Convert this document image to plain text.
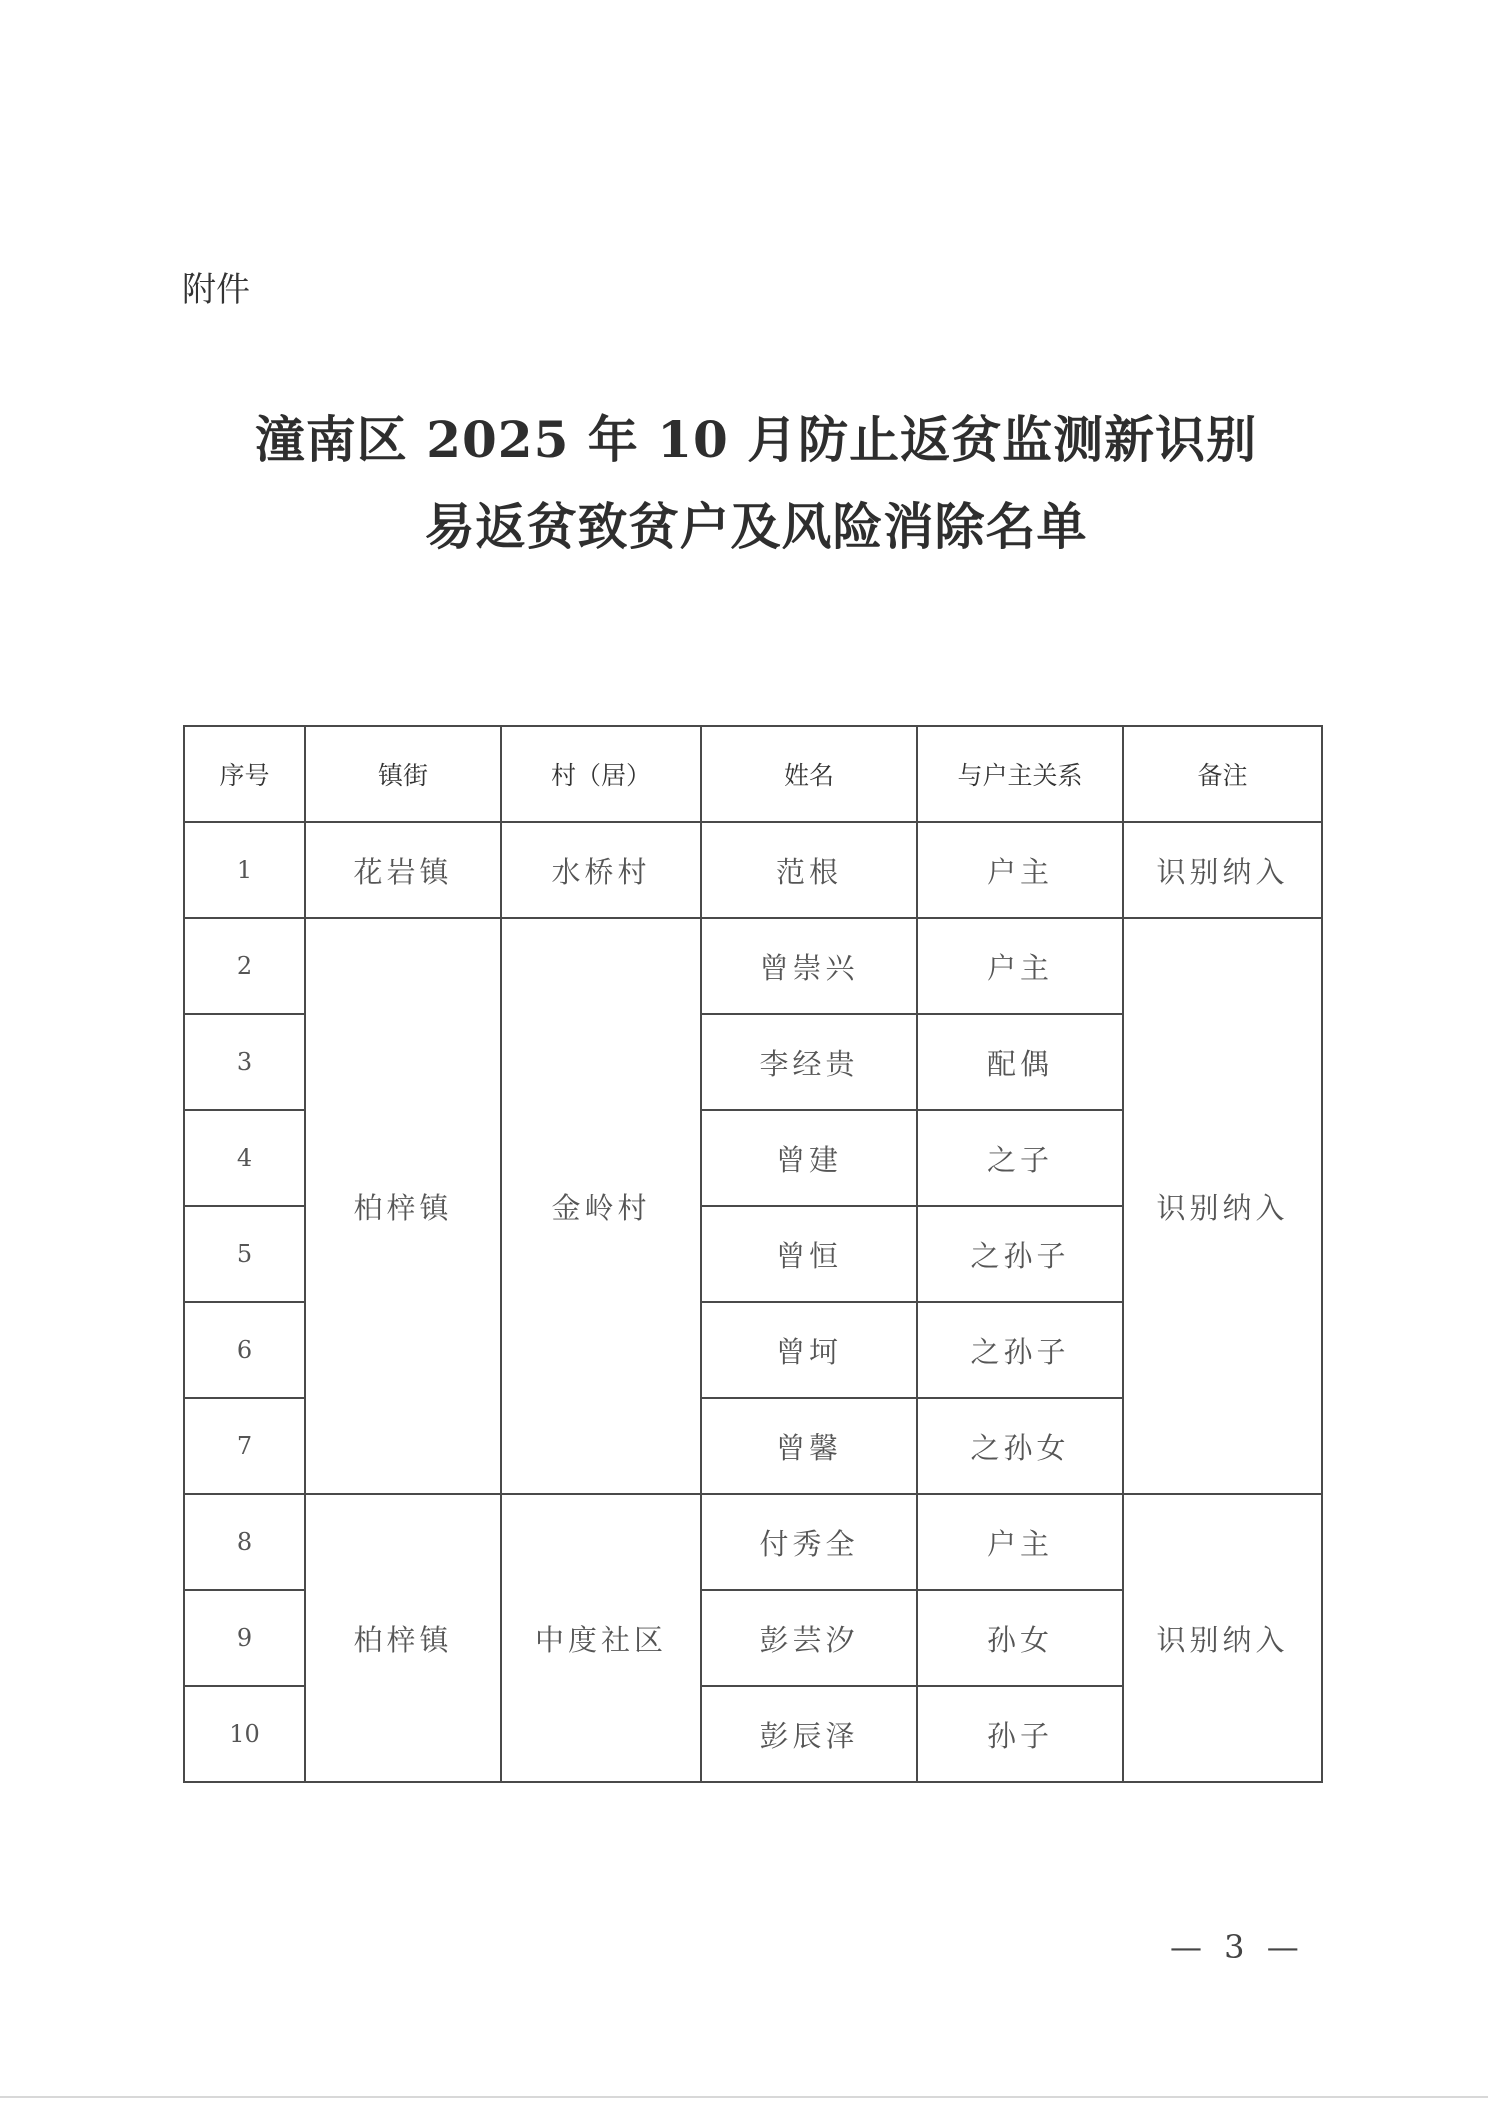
附件
潼南区 2025 年 10 月防止返贫监测新识别
易返贫致贫户及风险消除名单
序号	镇街	村（居）	姓名	与户主关系	备注
1	花岩镇	水桥村	范根	户主	识别纳入
2	柏梓镇	金岭村	曾崇兴	户主	识别纳入
3			李经贵	配偶	
4			曾建	之子	
5			曾恒	之孙子	
6			曾坷	之孙子	
7			曾馨	之孙女	
8	柏梓镇	中度社区	付秀全	户主	识别纳入
9			彭芸汐	孙女	
10			彭辰泽	孙子	
— 3 —
